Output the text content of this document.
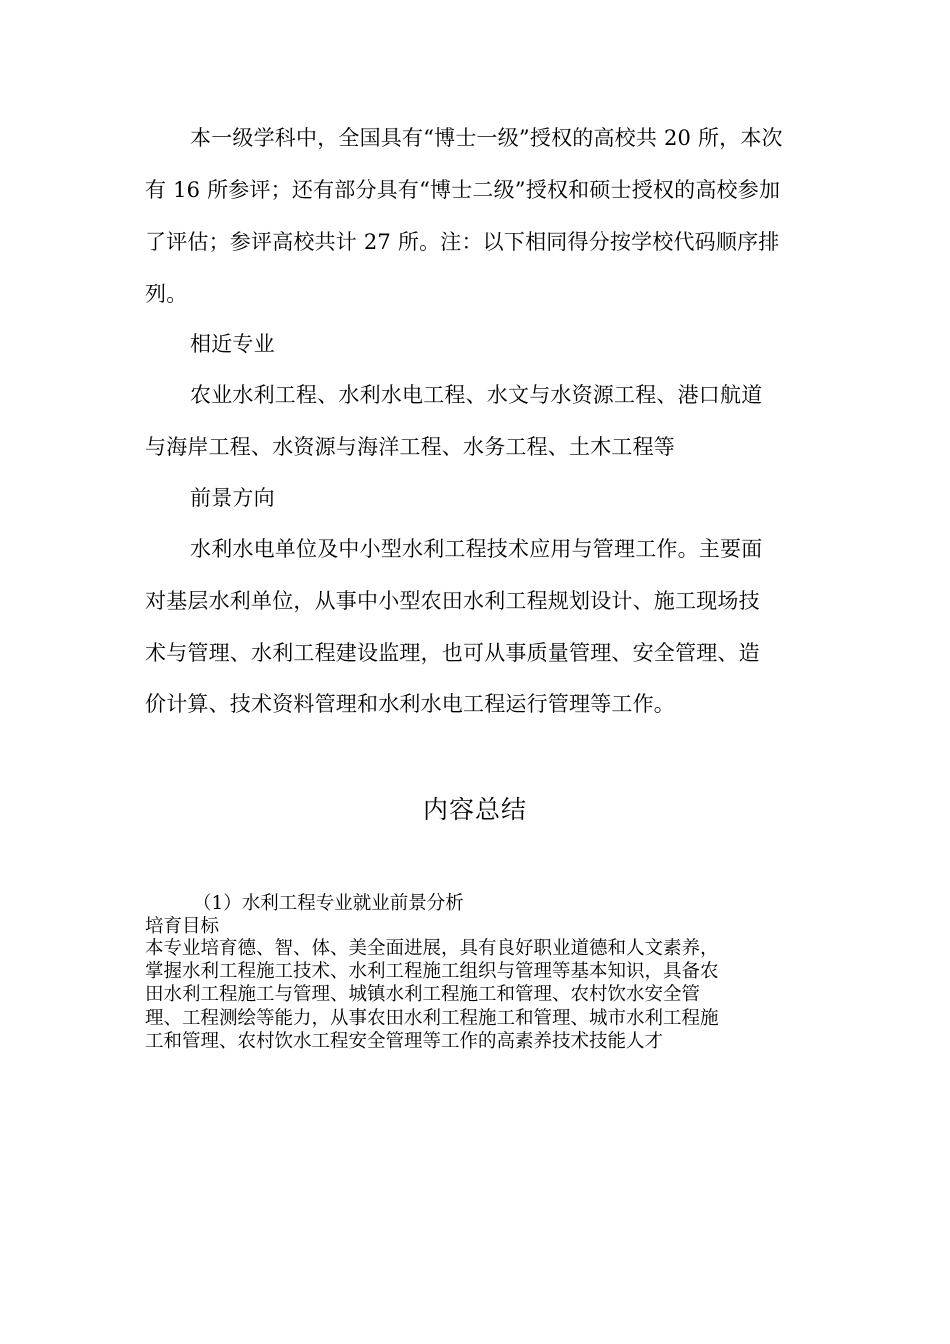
本一级学科中，全国具有“博士一级”授权的高校共 20 所，本次
有 16 所参评；还有部分具有“博士二级”授权和硕士授权的高校参加
了评估；参评高校共计 27 所。注：以下相同得分按学校代码顺序排
列。
相近专业
农业水利工程、水利水电工程、水文与水资源工程、港口航道
与海岸工程、水资源与海洋工程、水务工程、土木工程等
前景方向
水利水电单位及中小型水利工程技术应用与管理工作。主要面
对基层水利单位，从事中小型农田水利工程规划设计、施工现场技
术与管理、水利工程建设监理，也可从事质量管理、安全管理、造
价计算、技术资料管理和水利水电工程运行管理等工作。
内容总结
（1）水利工程专业就业前景分析
培育目标
本专业培育德、智、体、美全面进展，具有良好职业道德和人文素养，
掌握水利工程施工技术、水利工程施工组织与管理等基本知识，具备农
田水利工程施工与管理、城镇水利工程施工和管理、农村饮水安全管
理、工程测绘等能力，从事农田水利工程施工和管理、城市水利工程施
工和管理、农村饮水工程安全管理等工作的高素养技术技能人才
